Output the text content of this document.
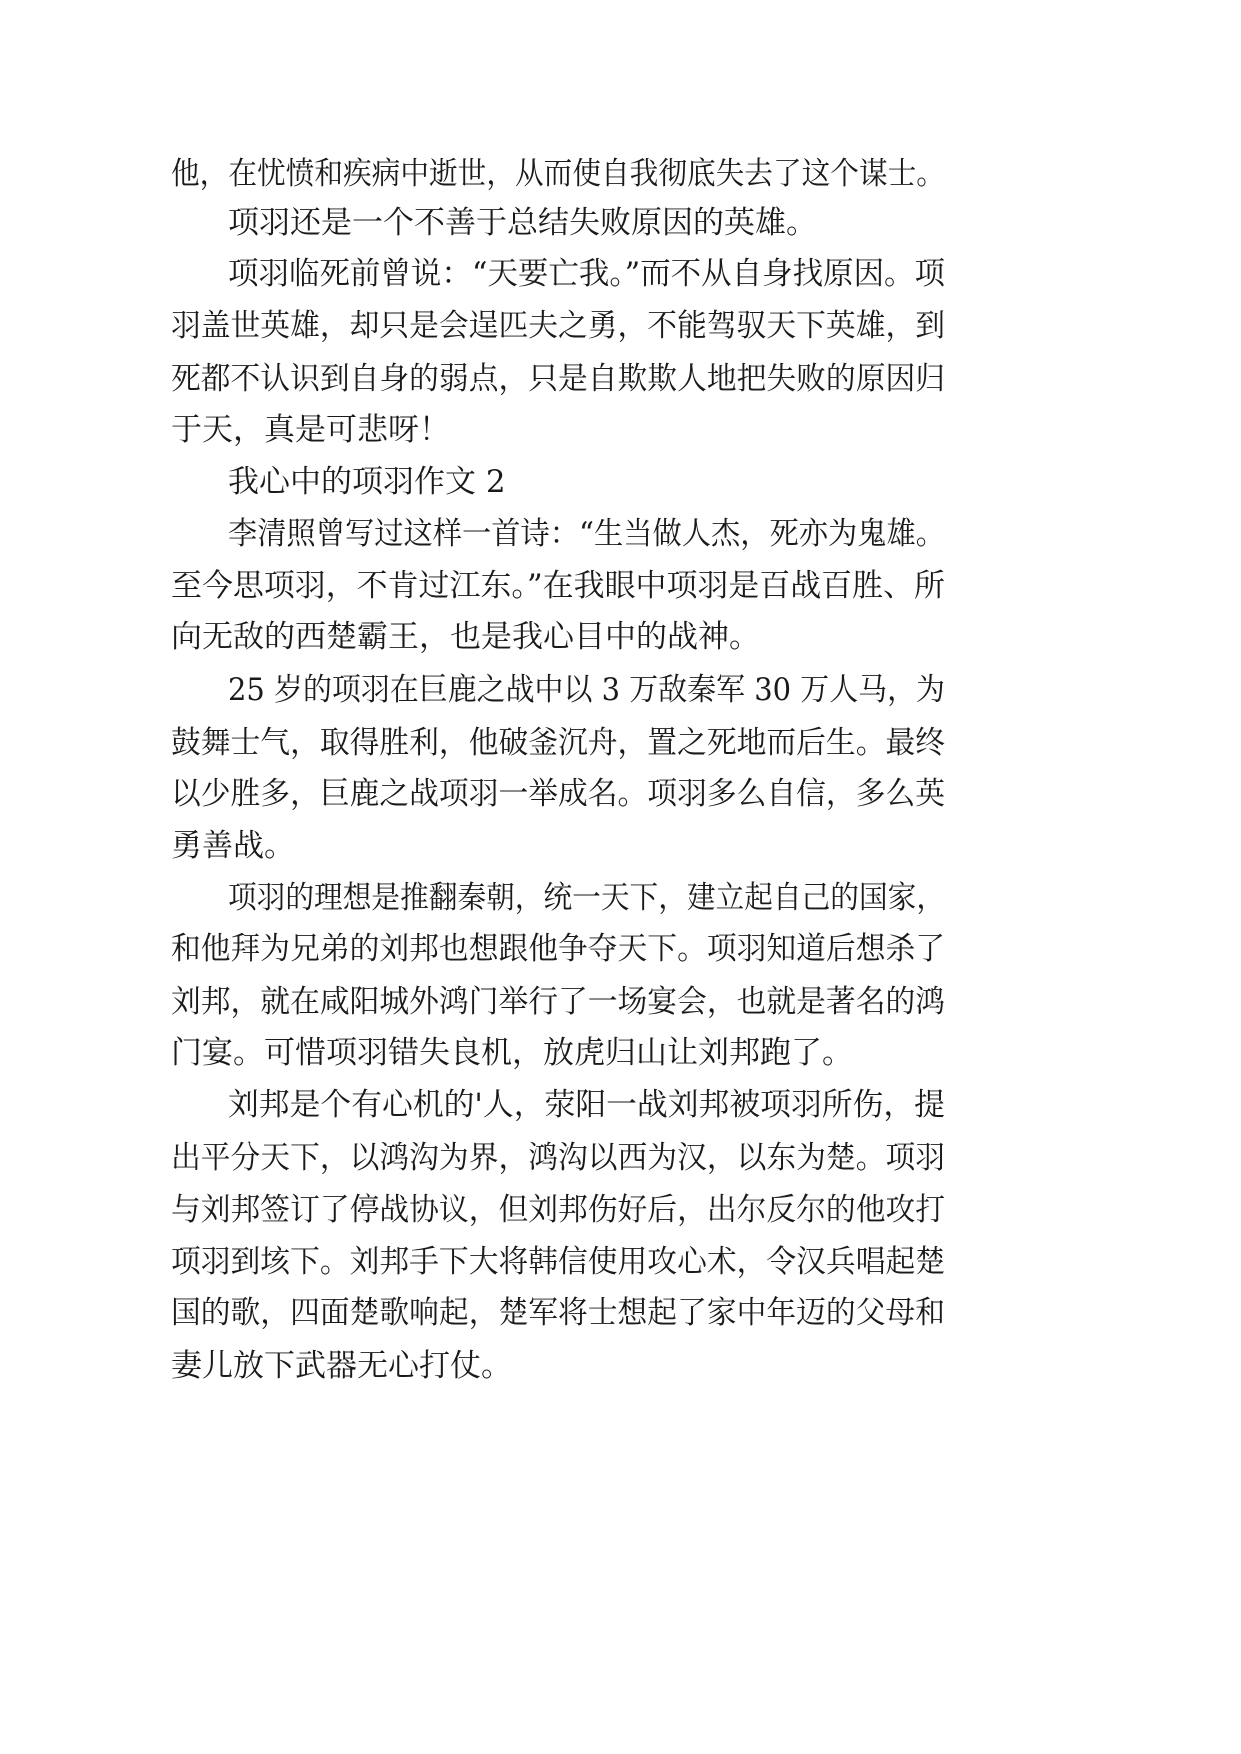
他，在忧愤和疾病中逝世，从而使自我彻底失去了这个谋士。
项羽还是一个不善于总结失败原因的英雄。
项羽临死前曾说：“天要亡我。”而不从自身找原因。项
羽盖世英雄，却只是会逞匹夫之勇，不能驾驭天下英雄，到
死都不认识到自身的弱点，只是自欺欺人地把失败的原因归
于天，真是可悲呀！
我心中的项羽作文 2
李清照曾写过这样一首诗：“生当做人杰，死亦为鬼雄。
至今思项羽，不肯过江东。”在我眼中项羽是百战百胜、所
向无敌的西楚霸王，也是我心目中的战神。
25 岁的项羽在巨鹿之战中以 3 万敌秦军 30 万人马，为
鼓舞士气，取得胜利，他破釜沉舟，置之死地而后生。最终
以少胜多，巨鹿之战项羽一举成名。项羽多么自信，多么英
勇善战。
项羽的理想是推翻秦朝，统一天下，建立起自己的国家，
和他拜为兄弟的刘邦也想跟他争夺天下。项羽知道后想杀了
刘邦，就在咸阳城外鸿门举行了一场宴会，也就是著名的鸿
门宴。可惜项羽错失良机，放虎归山让刘邦跑了。
刘邦是个有心机的'人，荥阳一战刘邦被项羽所伤，提
出平分天下，以鸿沟为界，鸿沟以西为汉，以东为楚。项羽
与刘邦签订了停战协议，但刘邦伤好后，出尔反尔的他攻打
项羽到垓下。刘邦手下大将韩信使用攻心术，令汉兵唱起楚
国的歌，四面楚歌响起，楚军将士想起了家中年迈的父母和
妻儿放下武器无心打仗。
